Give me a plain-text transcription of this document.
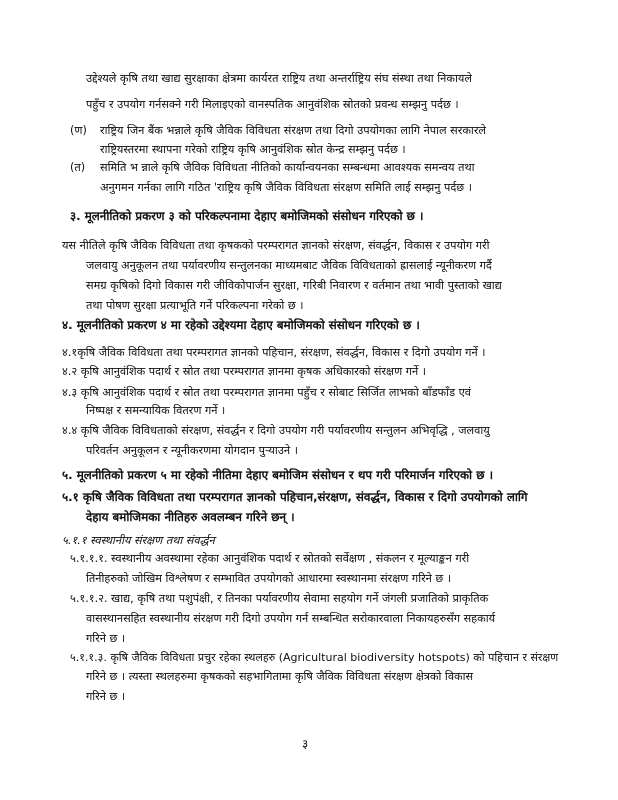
उद्देश्यले कृषि तथा खाद्य सुरक्षाका क्षेत्रमा कार्यरत राष्ट्रिय तथा अन्तर्राष्ट्रिय संघ संस्था तथा निकायले
पहुँच र उपयोग गर्नसक्ने गरी मिलाइएको वानस्पतिक आनुवंशिक स्रोतको प्रवन्ध सम्झनु पर्दछ ।
(ण) राष्ट्रिय जिन बैंक भन्नाले कृषि जैविक विविधता संरक्षण तथा दिगो उपयोगका लागि नेपाल सरकारले
राष्ट्रियस्तरमा स्थापना गरेको राष्ट्रिय कृषि आनुवंशिक स्रोत केन्द्र सम्झनु पर्दछ ।
(त) समिति भ न्नाले कृषि जैविक विविधता नीतिको कार्यान्वयनका सम्बन्धमा आवश्यक समन्वय तथा
अनुगमन गर्नका लागि गठित 'राष्ट्रिय कृषि जैविक विविधता संरक्षण समिति लाई सम्झनु पर्दछ ।
३. मूलनीतिको प्रकरण ३ को परिकल्पनामा देहाए बमोजिमको संसोधन गरिएको छ ।
यस नीतिले कृषि जैविक विविधता तथा कृषकको परम्परागत ज्ञानको संरक्षण, संवर्द्धन, विकास र उपयोग गरी
जलवायु अनुकूलन तथा पर्यावरणीय सन्तुलनका माध्यमबाट जैविक विविधताको ह्रासलाई न्यूनीकरण गर्दै
समग्र कृषिको दिगो विकास गरी जीविकोपार्जन सुरक्षा, गरिबी निवारण र वर्तमान तथा भावी पुस्ताको खाद्य
तथा पोषण सुरक्षा प्रत्याभूति गर्ने परिकल्पना गरेको छ ।
४. मूलनीतिको प्रकरण ४ मा रहेको उद्देश्यमा देहाए बमोजिमको संसोधन गरिएको छ ।
४.१कृषि जैविक विविधता तथा परम्परागत ज्ञानको पहिचान, संरक्षण, संवर्द्धन, विकास र दिगो उपयोग गर्ने ।
४.२ कृषि आनुवंशिक पदार्थ र स्रोत तथा परम्परागत ज्ञानमा कृषक अधिकारको संरक्षण गर्ने ।
४.३ कृषि आनुवंशिक पदार्थ र स्रोत तथा परम्परागत ज्ञानमा पहुँच र सोबाट सिर्जित लाभको बाँडफाँड एवं
निष्पक्ष र समन्यायिक वितरण गर्ने ।
४.४ कृषि जैविक विविधताको संरक्षण, संवर्द्धन र दिगो उपयोग गरी पर्यावरणीय सन्तुलन अभिवृद्धि , जलवायु
परिवर्तन अनुकूलन र न्यूनीकरणमा योगदान पुर्‍याउने ।
५. मूलनीतिको प्रकरण ५ मा रहेको नीतिमा देहाए बमोजिम संसोधन र थप गरी परिमार्जन गरिएको छ ।
५.१ कृषि जैविक विविधता तथा परम्परागत ज्ञानको पहिचान,संरक्षण, संवर्द्धन, विकास र दिगो उपयोगको लागि
देहाय बमोजिमका नीतिहरु अवलम्बन गरिने छन् ।
५.१.१ स्वस्थानीय संरक्षण तथा संवर्द्धन
५.१.१.१. स्वस्थानीय अवस्थामा रहेका आनुवंशिक पदार्थ र स्रोतको सर्वेक्षण , संकलन र मूल्याङ्कन गरी
तिनीहरुको जोखिम विश्लेषण र सम्भावित उपयोगको आधारमा स्वस्थानमा संरक्षण गरिने छ ।
५.१.१.२. खाद्य, कृषि तथा पशुपंक्षी, र तिनका पर्यावरणीय सेवामा सहयोग गर्ने जंगली प्रजातिको प्राकृतिक
वासस्थानसहित स्वस्थानीय संरक्षण गरी दिगो उपयोग गर्न सम्बन्धित सरोकारवाला निकायहरुसँग सहकार्य
गरिने छ ।
५.१.१.३. कृषि जैविक विविधता प्रचुर रहेका स्थलहरु (Agricultural biodiversity hotspots) को पहिचान र संरक्षण
गरिने छ । त्यस्ता स्थलहरुमा कृषकको सहभागितामा कृषि जैविक विविधता संरक्षण क्षेत्रको विकास
गरिने छ ।
३
